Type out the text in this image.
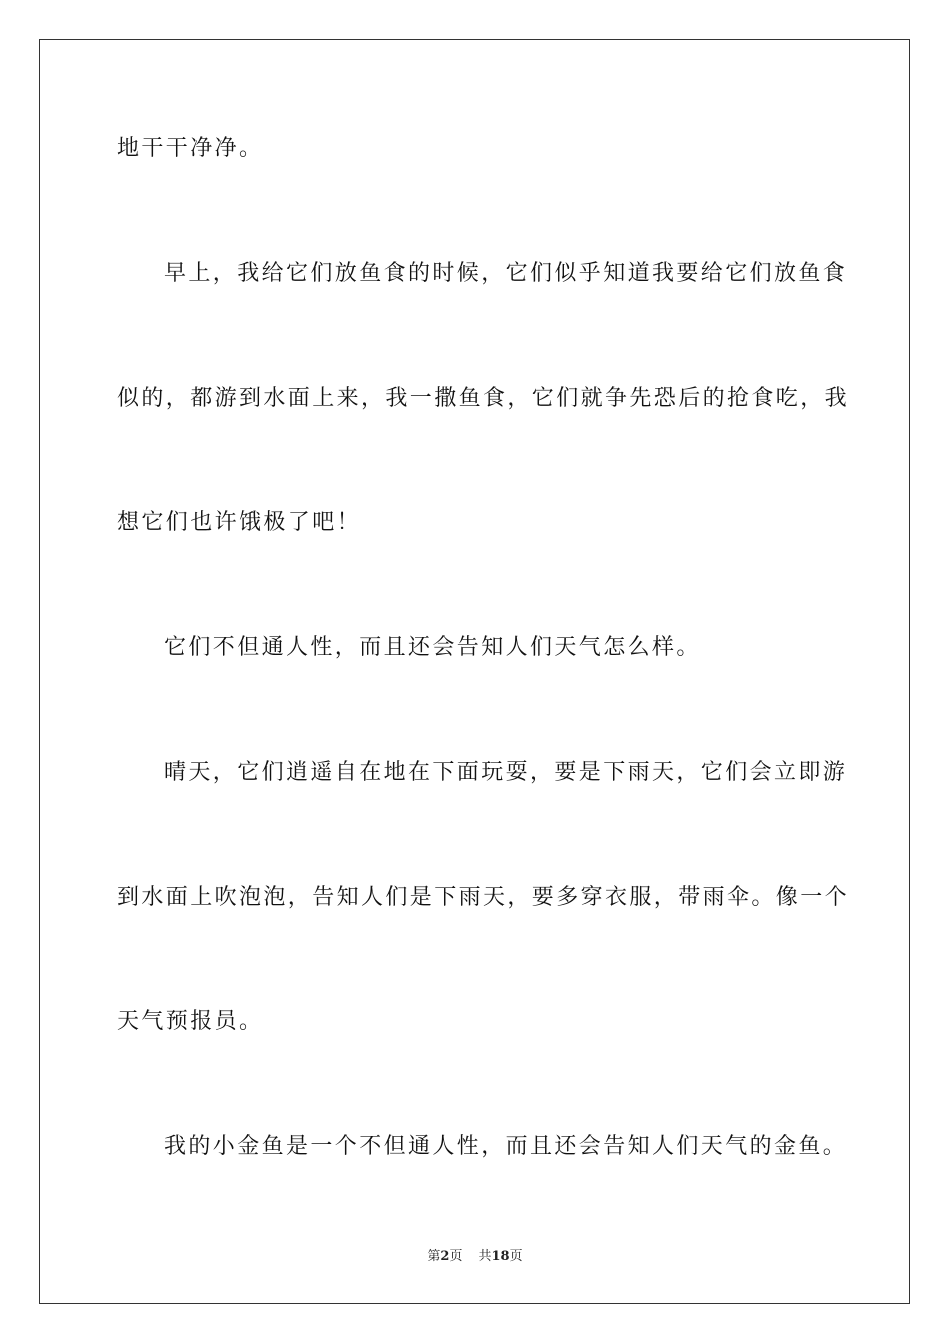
地干干净净。
早上，我给它们放鱼食的时候，它们似乎知道我要给它们放鱼食
似的，都游到水面上来，我一撒鱼食，它们就争先恐后的抢食吃，我
想它们也许饿极了吧！
它们不但通人性，而且还会告知人们天气怎么样。
晴天，它们逍遥自在地在下面玩耍，要是下雨天，它们会立即游
到水面上吹泡泡，告知人们是下雨天，要多穿衣服，带雨伞。像一个
天气预报员。
我的小金鱼是一个不但通人性，而且还会告知人们天气的金鱼。
第2页 共18页
